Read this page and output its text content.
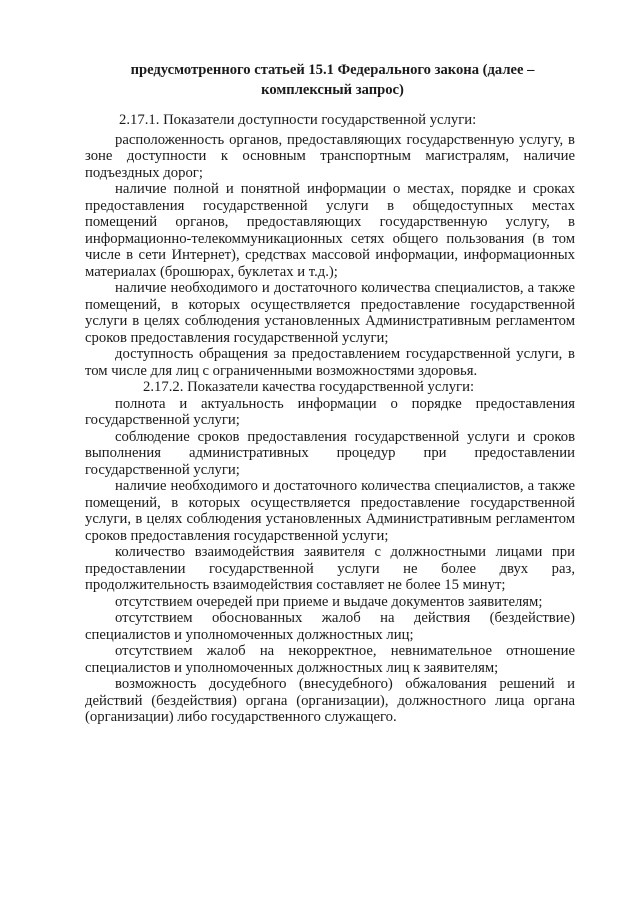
предусмотренного статьей 15.1 Федерального закона (далее –
комплексный запрос)
2.17.1. Показатели доступности государственной услуги:
расположенность органов, предоставляющих государственную услугу, в зоне доступности к основным транспортным магистралям, наличие подъездных дорог;
наличие полной и понятной информации о местах, порядке и сроках предоставления государственной услуги в общедоступных местах помещений органов, предоставляющих государственную услугу, в информационно-телекоммуникационных сетях общего пользования (в том числе в сети Интернет), средствах массовой информации, информационных материалах (брошюрах, буклетах и т.д.);
наличие необходимого и достаточного количества специалистов, а также помещений, в которых осуществляется предоставление государственной услуги в целях соблюдения установленных Административным регламентом сроков предоставления государственной услуги;
доступность обращения за предоставлением государственной услуги, в том числе для лиц с ограниченными возможностями здоровья.
2.17.2. Показатели качества государственной услуги:
полнота и актуальность информации о порядке предоставления государственной услуги;
соблюдение сроков предоставления государственной услуги и сроков выполнения административных процедур при предоставлении государственной услуги;
наличие необходимого и достаточного количества специалистов, а также помещений, в которых осуществляется предоставление государственной услуги, в целях соблюдения установленных Административным регламентом сроков предоставления государственной услуги;
количество взаимодействия заявителя с должностными лицами при предоставлении государственной услуги не более двух раз, продолжительность взаимодействия составляет не более 15 минут;
отсутствием очередей при приеме и выдаче документов заявителям;
отсутствием обоснованных жалоб на действия (бездействие) специалистов и уполномоченных должностных лиц;
отсутствием жалоб на некорректное, невнимательное отношение специалистов и уполномоченных должностных лиц к заявителям;
возможность досудебного (внесудебного) обжалования решений и действий (бездействия) органа (организации), должностного лица органа (организации) либо государственного служащего.
